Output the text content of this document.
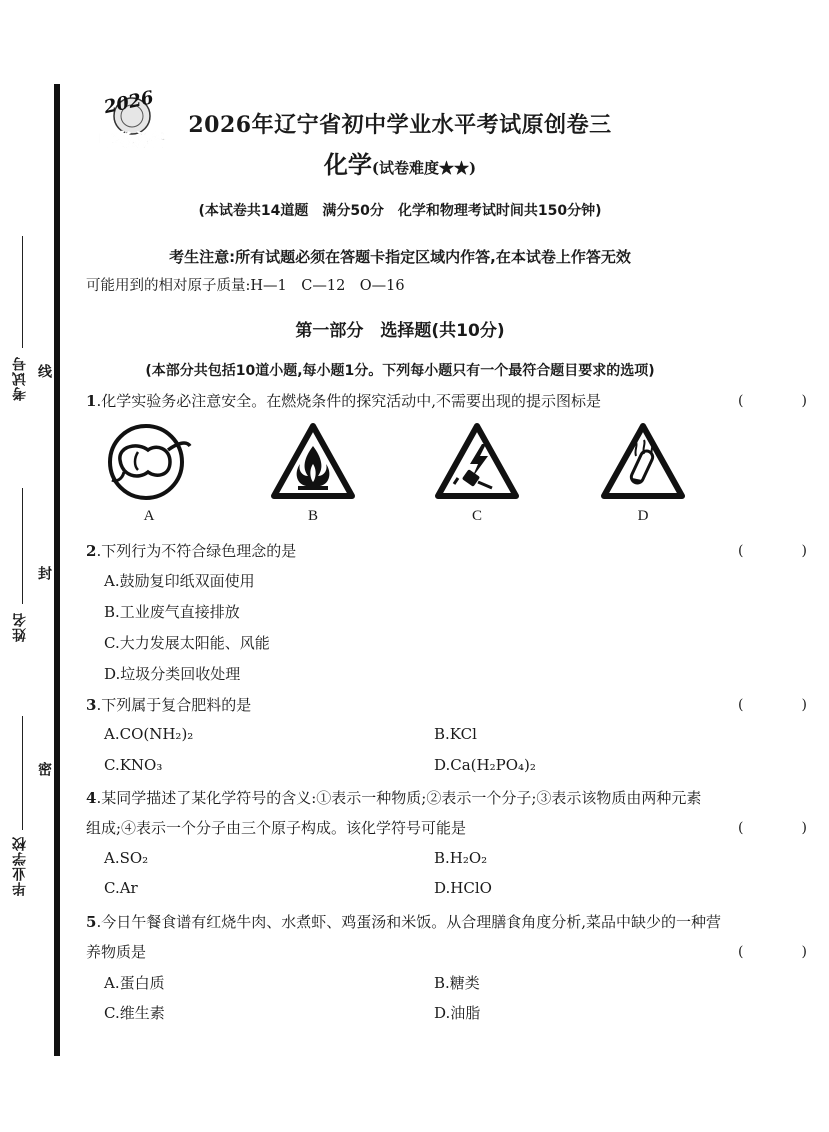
考试号
姓名
毕业学校
线
封
密
2026
中考必备
2026年辽宁省初中学业水平考试原创卷三
化学(试卷难度★★)
(本试卷共14道题　满分50分　化学和物理考试时间共150分钟)
考生注意:所有试题必须在答题卡指定区域内作答,在本试卷上作答无效
可能用到的相对原子质量:H—1　C—12　O—16
第一部分　选择题(共10分)
(本部分共包括10道小题,每小题1分。下列每小题只有一个最符合题目要求的选项)
1.化学实验务必注意安全。在燃烧条件的探究活动中,不需要出现的提示图标是	(　)
A	B	C	D
2.下列行为不符合绿色理念的是	(　)
A.鼓励复印纸双面使用
B.工业废气直接排放
C.大力发展太阳能、风能
D.垃圾分类回收处理
3.下列属于复合肥料的是	(　)
A.CO(NH₂)₂	B.KCl
C.KNO₃	D.Ca(H₂PO₄)₂
4.某同学描述了某化学符号的含义:①表示一种物质;②表示一个分子;③表示该物质由两种元素
组成;④表示一个分子由三个原子构成。该化学符号可能是	(　)
A.SO₂	B.H₂O₂
C.Ar	D.HClO
5.今日午餐食谱有红烧牛肉、水煮虾、鸡蛋汤和米饭。从合理膳食角度分析,菜品中缺少的一种营
养物质是	(　)
A.蛋白质	B.糖类
C.维生素	D.油脂
